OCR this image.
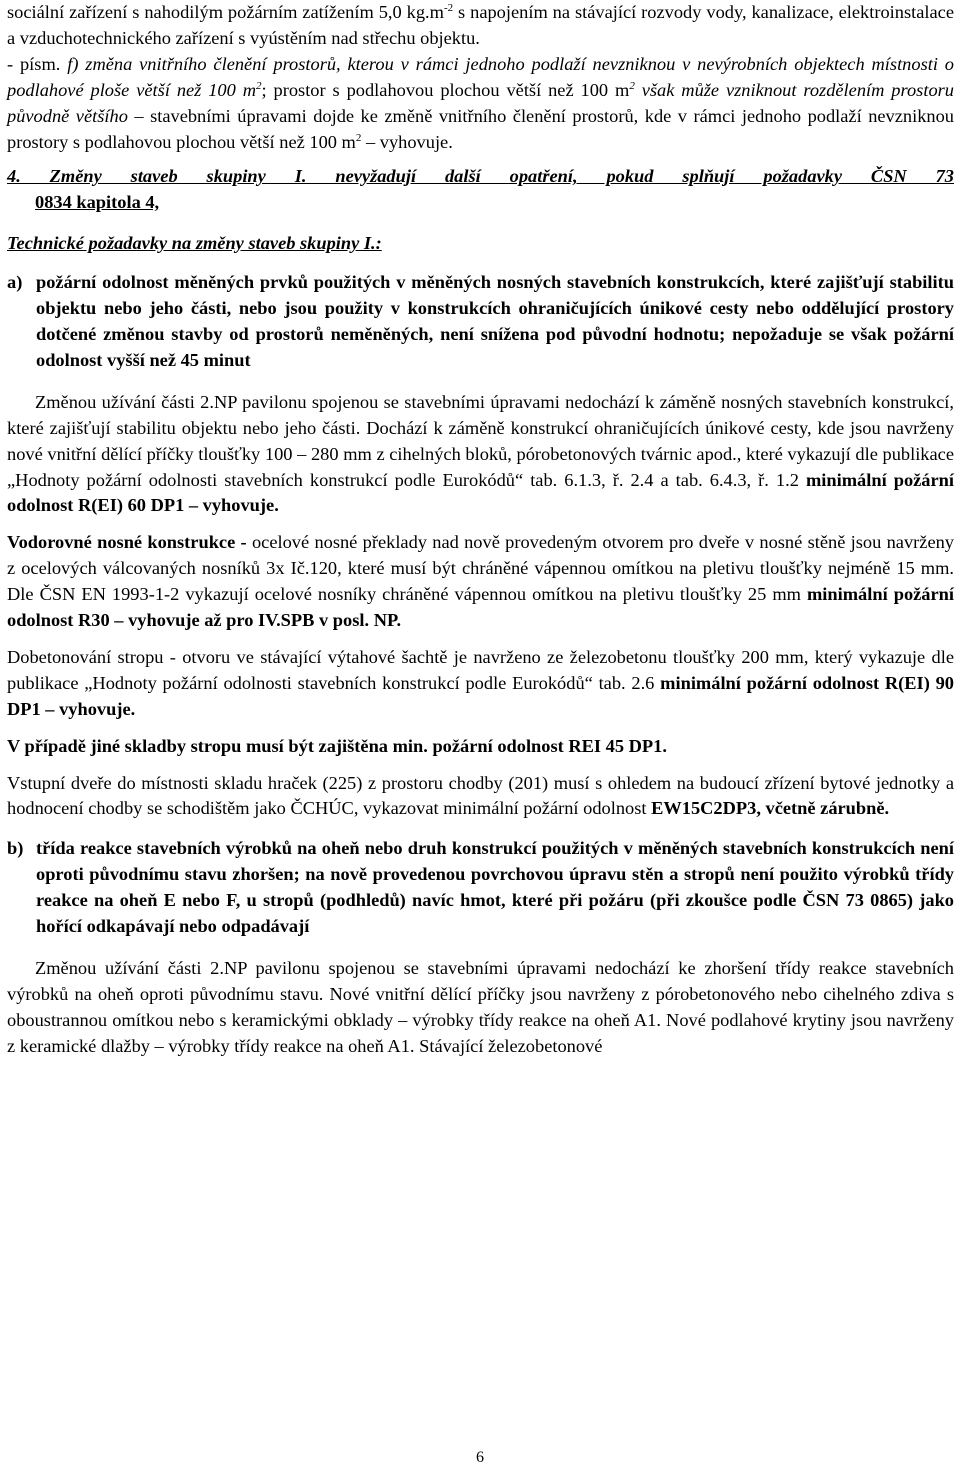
sociální zařízení s nahodilým požárním zatížením 5,0 $kg.m^{-2}$ s napojením na stávající rozvody vody, kanalizace, elektroinstalace a vzduchotechnického zařízení s vyústěním nad střechu objektu.

- písm. f) změna vnitřního členění prostorů, kterou v rámci jednoho podlaží nevzniknou v nevýrobních objektech místnosti o podlahové ploše větší než 100 $m^2$; prostor s podlahovou plochou větší než 100 $m^2$ však může vzniknout rozdělením prostoru původně většího – stavebními úpravami dojde ke změně vnitřního členění prostorů, kde v rámci jednoho podlaží nevzniknou prostory s podlahovou plochou větší než 100 $m^2$ – vyhovuje.

4. Změny staveb skupiny I. nevyžadují další opatření, pokud splňují požadavky ČSN 73

0834 kapitola 4,

Technické požadavky na změny staveb skupiny I.:

a) požární odolnost měněných prvků použitých v měněných nosných stavebních konstrukcích, které zajišťují stabilitu objektu nebo jeho části, nebo jsou použity v konstrukcích ohraničujících únikové cesty nebo oddělující prostory dotčené změnou stavby od prostorů neměněných, není snížena pod původní hodnotu; nepožaduje se však požární odolnost vyšší než 45 minut

Změnou užívání části 2.NP pavilonu spojenou se stavebními úpravami nedochází k záměně nosných stavebních konstrukcí, které zajišťují stabilitu objektu nebo jeho části. Dochází k záměně konstrukcí ohraničujících únikové cesty, kde jsou navrženy nové vnitřní dělící příčky tloušťky 100 – 280 mm z cihelných bloků, pórobetonových tvárnic apod., které vykazují dle publikace „Hodnoty požární odolnosti stavebních konstrukcí podle Eurokódů“ tab. 6.1.3, ř. 2.4 a tab. 6.4.3, ř. 1.2 minimální požární odolnost R(EI) 60 DP1 – vyhovuje.

Vodorovné nosné konstrukce - ocelové nosné překlady nad nově provedeným otvorem pro dveře v nosné stěně jsou navrženy z ocelových válcovaných nosníků 3x Ič.120, které musí být chráněné vápennou omítkou na pletivu tloušťky nejméně 15 mm. Dle ČSN EN 1993-1-2 vykazují ocelové nosníky chráněné vápennou omítkou na pletivu tloušťky 25 mm minimální požární odolnost R30 – vyhovuje až pro IV.SPB v posl. NP.

Dobetonování stropu - otvoru ve stávající výtahové šachtě je navrženo ze železobetonu tloušťky 200 mm, který vykazuje dle publikace „Hodnoty požární odolnosti stavebních konstrukcí podle Eurokódů“ tab. 2.6 minimální požární odolnost R(EI) 90 DP1 – vyhovuje.

V případě jiné skladby stropu musí být zajištěna min. požární odolnost REI 45 DP1.

Vstupní dveře do místnosti skladu hraček (225) z prostoru chodby (201) musí s ohledem na budoucí zřízení bytové jednotky a hodnocení chodby se schodištěm jako ČCHÚC, vykazovat minimální požární odolnost EW15C2DP3, včetně zárubně.

b) třída reakce stavebních výrobků na oheň nebo druh konstrukcí použitých v měněných stavebních konstrukcích není oproti původnímu stavu zhoršen; na nově provedenou povrchovou úpravu stěn a stropů není použito výrobků třídy reakce na oheň E nebo F, u stropů (podhledů) navíc hmot, které při požáru (při zkoušce podle ČSN 73 0865) jako hořící odkapávají nebo odpadávají

Změnou užívání části 2.NP pavilonu spojenou se stavebními úpravami nedochází ke zhoršení třídy reakce stavebních výrobků na oheň oproti původnímu stavu. Nové vnitřní dělící příčky jsou navrženy z pórobetonového nebo cihelného zdiva s oboustrannou omítkou nebo s keramickými obklady – výrobky třídy reakce na oheň A1. Nové podlahové krytiny jsou navrženy z keramické dlažby – výrobky třídy reakce na oheň A1. Stávající železobetonové

6
